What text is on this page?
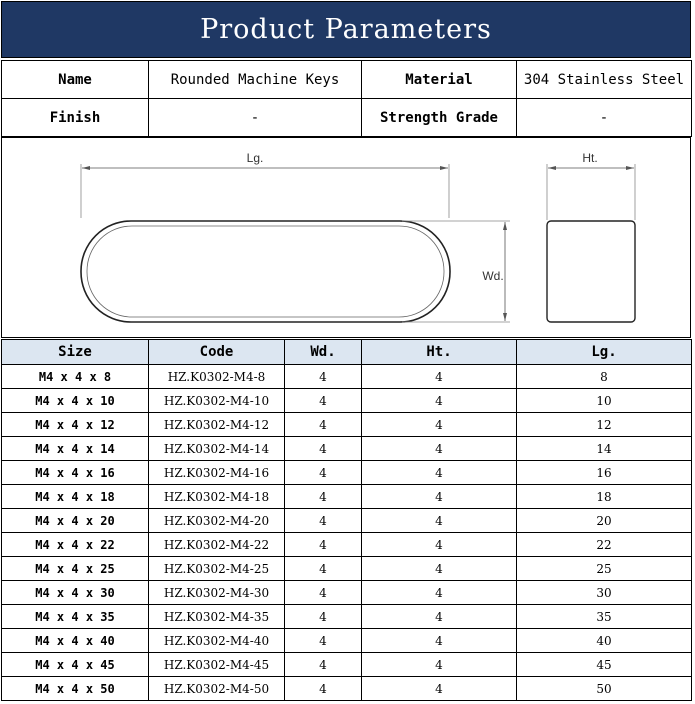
Product Parameters
Name	Rounded Machine Keys	Material	304 Stainless Steel
Finish	-	Strength Grade	-
Lg.
Wd.
Ht.
Size	Code	Wd.	Ht.	Lg.
M4 x 4 x 8	HZ.K0302-M4-8	4	4	8
M4 x 4 x 10	HZ.K0302-M4-10	4	4	10
M4 x 4 x 12	HZ.K0302-M4-12	4	4	12
M4 x 4 x 14	HZ.K0302-M4-14	4	4	14
M4 x 4 x 16	HZ.K0302-M4-16	4	4	16
M4 x 4 x 18	HZ.K0302-M4-18	4	4	18
M4 x 4 x 20	HZ.K0302-M4-20	4	4	20
M4 x 4 x 22	HZ.K0302-M4-22	4	4	22
M4 x 4 x 25	HZ.K0302-M4-25	4	4	25
M4 x 4 x 30	HZ.K0302-M4-30	4	4	30
M4 x 4 x 35	HZ.K0302-M4-35	4	4	35
M4 x 4 x 40	HZ.K0302-M4-40	4	4	40
M4 x 4 x 45	HZ.K0302-M4-45	4	4	45
M4 x 4 x 50	HZ.K0302-M4-50	4	4	50
